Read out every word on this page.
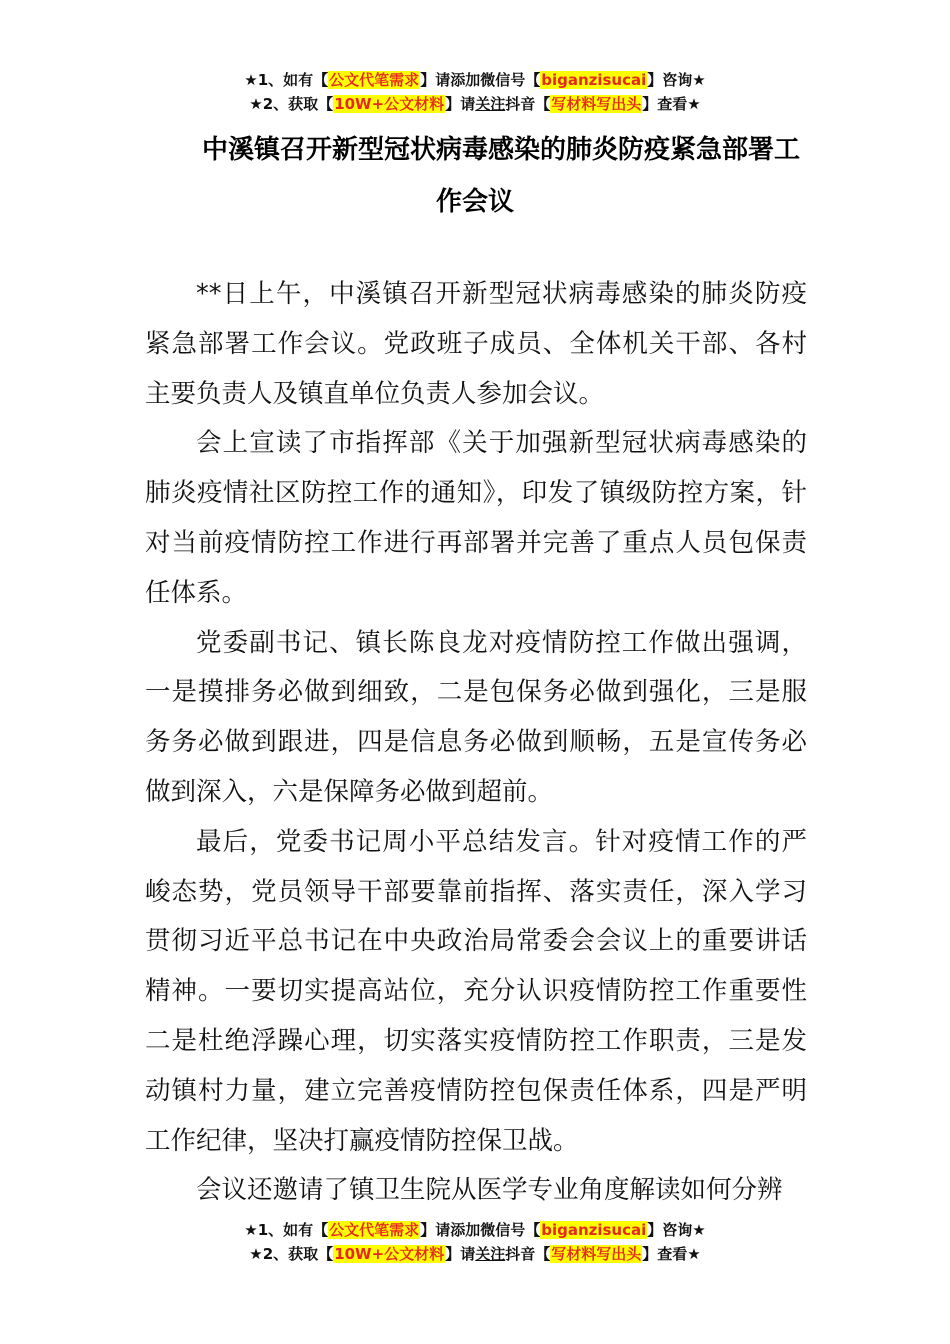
★1、如有【公文代笔需求】请添加微信号【biganzisucai】咨询★
★2、获取【10W+公文材料】请关注抖音【写材料写出头】查看★
中溪镇召开新型冠状病毒感染的肺炎防疫紧急部署工
作会议

**日上午，中溪镇召开新型冠状病毒感染的肺炎防疫紧急部署工作会议。党政班子成员、全体机关干部、各村主要负责人及镇直单位负责人参加会议。

会上宣读了市指挥部《关于加强新型冠状病毒感染的肺炎疫情社区防控工作的通知》，印发了镇级防控方案，针对当前疫情防控工作进行再部署并完善了重点人员包保责任体系。

党委副书记、镇长陈良龙对疫情防控工作做出强调，一是摸排务必做到细致，二是包保务必做到强化，三是服务务必做到跟进，四是信息务必做到顺畅，五是宣传务必做到深入，六是保障务必做到超前。

最后，党委书记周小平总结发言。针对疫情工作的严峻态势，党员领导干部要靠前指挥、落实责任，深入学习贯彻习近平总书记在中央政治局常委会会议上的重要讲话精神。一要切实提高站位，充分认识疫情防控工作重要性二是杜绝浮躁心理，切实落实疫情防控工作职责，三是发动镇村力量，建立完善疫情防控包保责任体系，四是严明工作纪律，坚决打赢疫情防控保卫战。

会议还邀请了镇卫生院从医学专业角度解读如何分辨

★1、如有【公文代笔需求】请添加微信号【biganzisucai】咨询★
★2、获取【10W+公文材料】请关注抖音【写材料写出头】查看★
